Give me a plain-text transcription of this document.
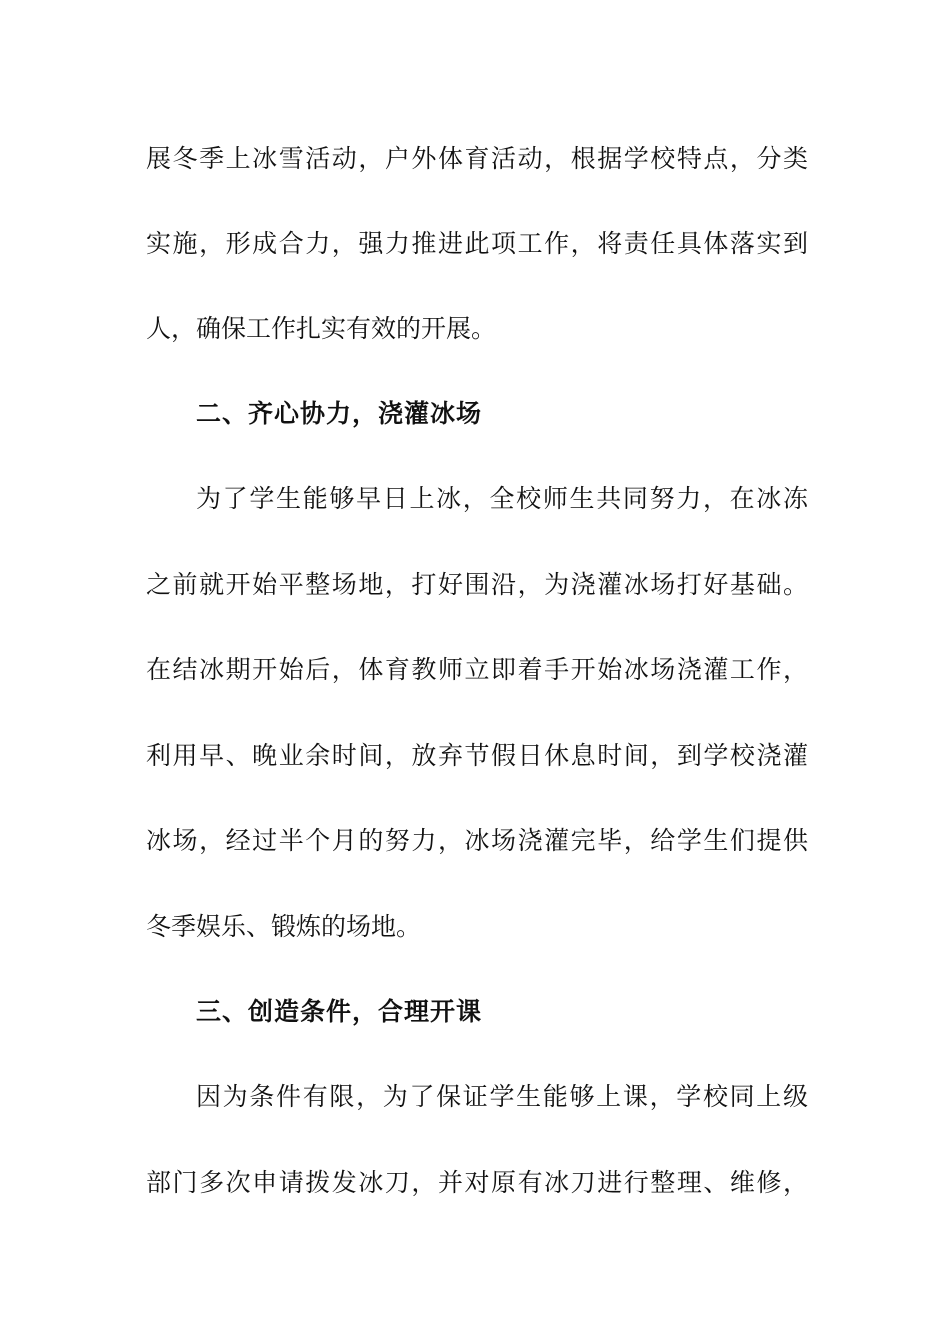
展冬季上冰雪活动，户外体育活动，根据学校特点，分类
实施，形成合力，强力推进此项工作，将责任具体落实到
人，确保工作扎实有效的开展。
二、齐心协力，浇灌冰场
为了学生能够早日上冰，全校师生共同努力，在冰冻
之前就开始平整场地，打好围沿，为浇灌冰场打好基础。
在结冰期开始后，体育教师立即着手开始冰场浇灌工作，
利用早、晚业余时间，放弃节假日休息时间，到学校浇灌
冰场，经过半个月的努力，冰场浇灌完毕，给学生们提供
冬季娱乐、锻炼的场地。
三、创造条件，合理开课
因为条件有限，为了保证学生能够上课，学校同上级
部门多次申请拨发冰刀，并对原有冰刀进行整理、维修，
